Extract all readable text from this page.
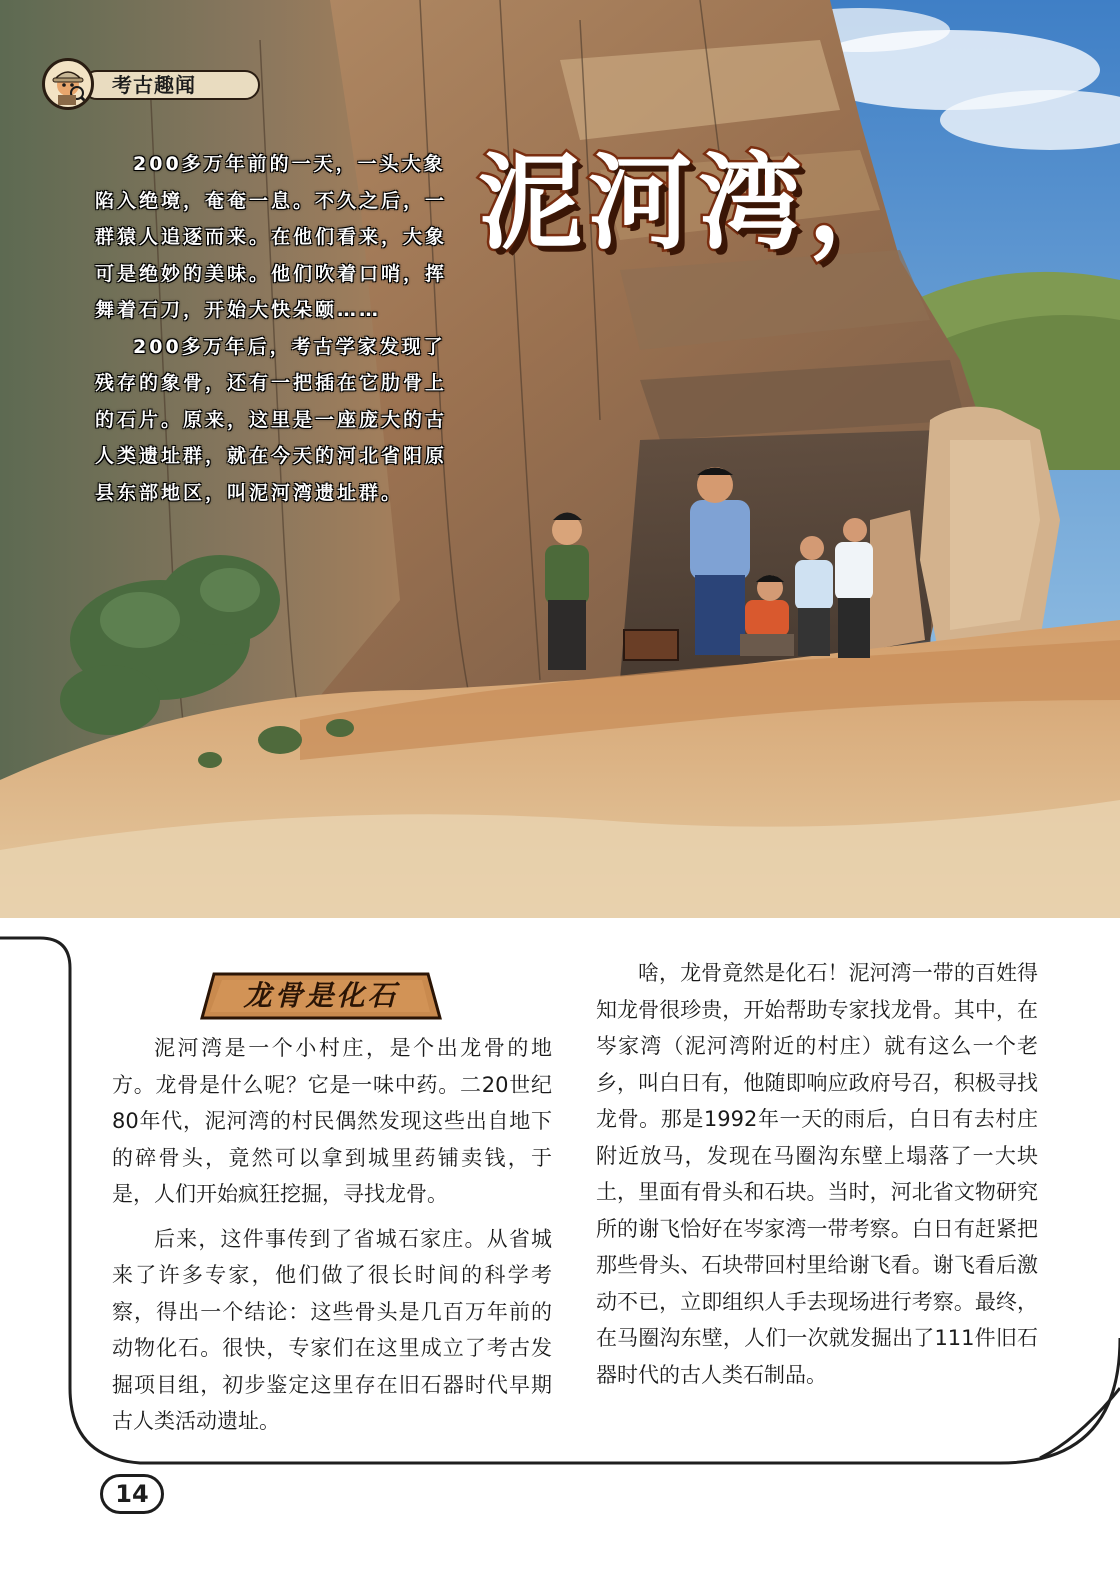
考古趣闻
泥河湾，

200多万年前的一天，一头大象陷入绝境，奄奄一息。不久之后，一群猿人追逐而来。在他们看来，大象可是绝妙的美味。他们吹着口哨，挥舞着石刀，开始大快朵颐……

200多万年后，考古学家发现了残存的象骨，还有一把插在它肋骨上的石片。原来，这里是一座庞大的古人类遗址群，就在今天的河北省阳原县东部地区，叫泥河湾遗址群。

龙骨是化石

泥河湾是一个小村庄，是个出龙骨的地方。龙骨是什么呢？它是一味中药。二20世纪80年代，泥河湾的村民偶然发现这些出自地下的碎骨头，竟然可以拿到城里药铺卖钱，于是，人们开始疯狂挖掘，寻找龙骨。

后来，这件事传到了省城石家庄。从省城来了许多专家，他们做了很长时间的科学考察，得出一个结论：这些骨头是几百万年前的动物化石。很快，专家们在这里成立了考古发掘项目组，初步鉴定这里存在旧石器时代早期古人类活动遗址。

啥，龙骨竟然是化石！泥河湾一带的百姓得知龙骨很珍贵，开始帮助专家找龙骨。其中，在岑家湾（泥河湾附近的村庄）就有这么一个老乡，叫白日有，他随即响应政府号召，积极寻找龙骨。那是1992年一天的雨后，白日有去村庄附近放马，发现在马圈沟东壁上塌落了一大块土，里面有骨头和石块。当时，河北省文物研究所的谢飞恰好在岑家湾一带考察。白日有赶紧把那些骨头、石块带回村里给谢飞看。谢飞看后激动不已，立即组织人手去现场进行考察。最终，在马圈沟东壁，人们一次就发掘出了111件旧石器时代的古人类石制品。

14
